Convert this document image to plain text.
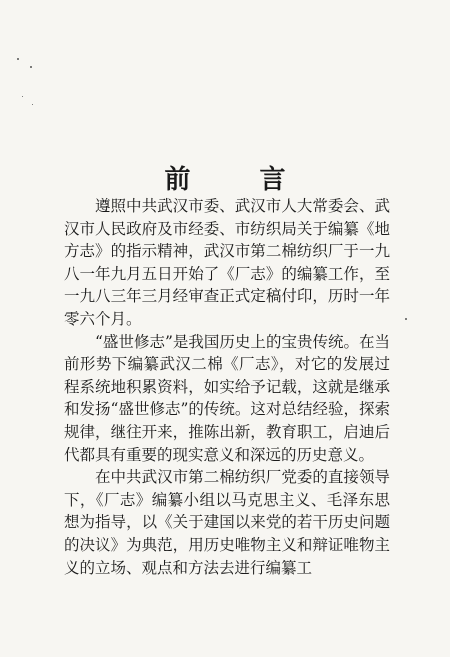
前 言

遵照中共武汉市委、武汉市人大常委会、武汉市人民政府及市经委、市纺织局关于编纂《地方志》的指示精神，武汉市第二棉纺织厂于一九八一年九月五日开始了《厂志》的编纂工作，至一九八三年三月经审查正式定稿付印，历时一年零六个月。

“盛世修志”是我国历史上的宝贵传统。在当前形势下编纂武汉二棉《厂志》，对它的发展过程系统地积累资料，如实给予记载，这就是继承和发扬“盛世修志”的传统。这对总结经验，探索规律，继往开来，推陈出新，教育职工，启迪后代都具有重要的现实意义和深远的历史意义。

在中共武汉市第二棉纺织厂党委的直接领导下，《厂志》编纂小组以马克思主义、毛泽东思想为指导，以《关于建国以来党的若干历史问题的决议》为典范，用历史唯物主义和辩证唯物主义的立场、观点和方法去进行编纂工
